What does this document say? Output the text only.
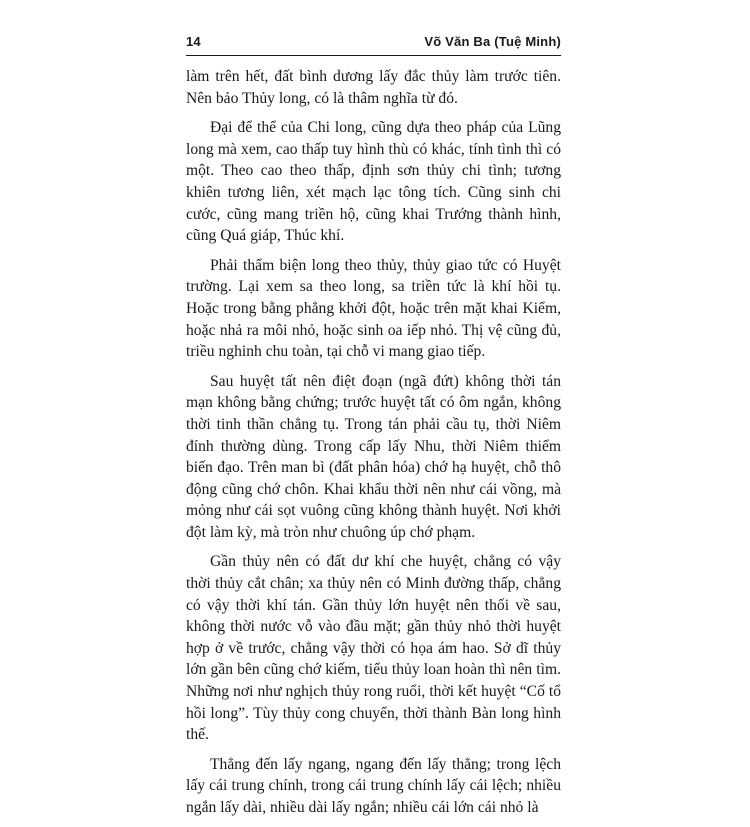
14	Võ Văn Ba (Tuệ Minh)

làm trên hết, đất bình dương lấy đắc thủy làm trước tiên. Nên bảo Thủy long, có là thâm nghĩa từ đó.

Đại để thể của Chi long, cũng dựa theo pháp của Lũng long mà xem, cao thấp tuy hình thù có khác, tính tình thì có một. Theo cao theo thấp, định sơn thủy chi tình; tương khiên tương liên, xét mạch lạc tông tích. Cũng sinh chi cước, cũng mang triền hộ, cũng khai Trướng thành hình, cũng Quá giáp, Thúc khí.

Phải thẩm biện long theo thủy, thủy giao tức có Huyệt trường. Lại xem sa theo long, sa triền tức là khí hồi tụ. Hoặc trong bằng phẳng khởi đột, hoặc trên mặt khai Kiểm, hoặc nhả ra môi nhỏ, hoặc sinh oa iếp nhỏ. Thị vệ cũng đủ, triều nghinh chu toàn, tại chỗ vi mang giao tiếp.

Sau huyệt tất nên điệt đoạn (ngã đứt) không thời tán mạn không bằng chứng; trước huyệt tất có ôm ngắn, không thời tinh thần chẳng tụ. Trong tán phải cầu tụ, thời Niêm đính thường dùng. Trong cấp lấy Nhu, thời Niêm thiểm biến đạo. Trên man bì (đất phân hóa) chớ hạ huyệt, chỗ thô động cũng chớ chôn. Khai khẩu thời nên như cái vồng, mà mỏng như cái sọt vuông cũng không thành huyệt. Nơi khởi đột làm kỳ, mà tròn như chuông úp chớ phạm.

Gần thủy nên có đất dư khí che huyệt, chẳng có vậy thời thủy cắt chân; xa thủy nên có Minh đường thấp, chẳng có vậy thời khí tán. Gần thủy lớn huyệt nên thối về sau, không thời nước vỗ vào đầu mặt; gần thủy nhỏ thời huyệt hợp ở về trước, chẳng vậy thời có họa ám hao. Sở dĩ thủy lớn gần bên cũng chớ kiếm, tiểu thủy loan hoàn thì nên tìm. Những nơi như nghịch thủy rong ruổi, thời kết huyệt “Cố tổ hồi long”. Tùy thủy cong chuyển, thời thành Bàn long hình thế.

Thẳng đến lấy ngang, ngang đến lấy thẳng; trong lệch lấy cái trung chính, trong cái trung chính lấy cái lệch; nhiều ngắn lấy dài, nhiều dài lấy ngắn; nhiều cái lớn cái nhỏ là
